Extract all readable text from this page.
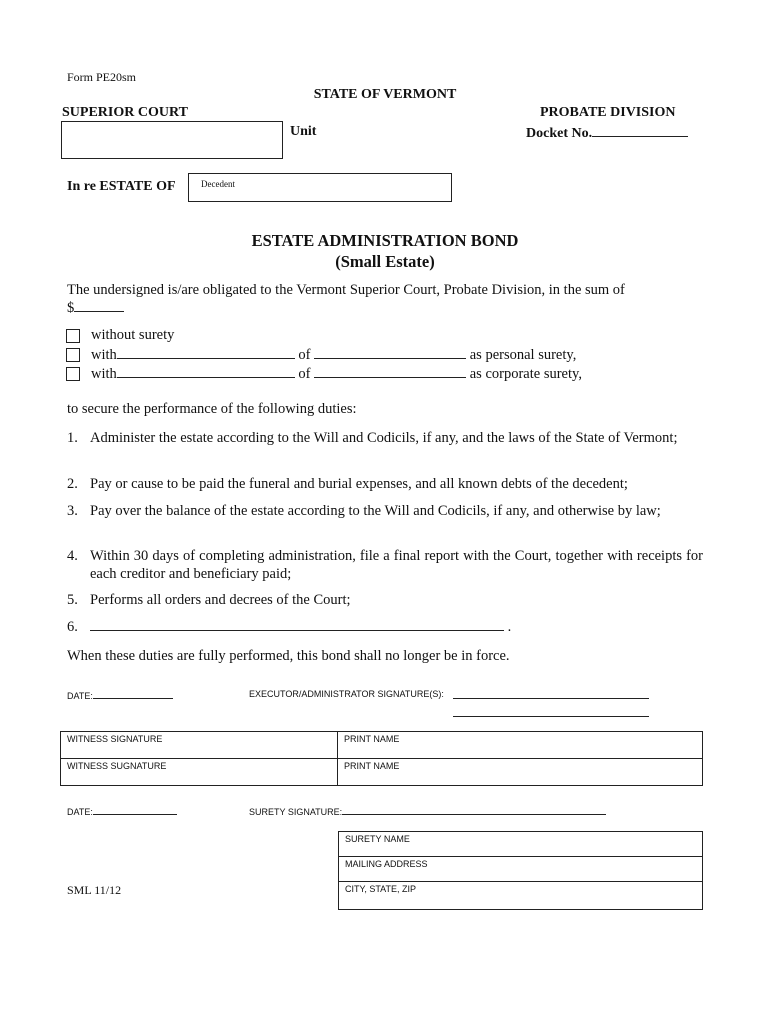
Form PE20sm
STATE OF VERMONT
SUPERIOR COURT	PROBATE DIVISION
Unit	Docket No.
In re ESTATE OF	Decedent
ESTATE ADMINISTRATION BOND
(Small Estate)
The undersigned is/are obligated to the Vermont Superior Court, Probate Division, in the sum of
$
without surety
with	of	as personal surety,
with	of	as corporate surety,
to secure the performance of the following duties:
1. Administer the estate according to the Will and Codicils, if any, and the laws of the State of Vermont;
2. Pay or cause to be paid the funeral and burial expenses, and all known debts of the decedent;
3. Pay over the balance of the estate according to the Will and Codicils, if any, and otherwise by law;
4. Within 30 days of completing administration, file a final report with the Court, together with receipts for each creditor and beneficiary paid;
5. Performs all orders and decrees of the Court;
6.	.
When these duties are fully performed, this bond shall no longer be in force.
DATE:	EXECUTOR/ADMINISTRATOR SIGNATURE(S):
WITNESS SIGNATURE	PRINT NAME
WITNESS SUGNATURE	PRINT NAME
DATE:	SURETY SIGNATURE:
SURETY NAME
MAILING ADDRESS
CITY, STATE, ZIP
SML 11/12
